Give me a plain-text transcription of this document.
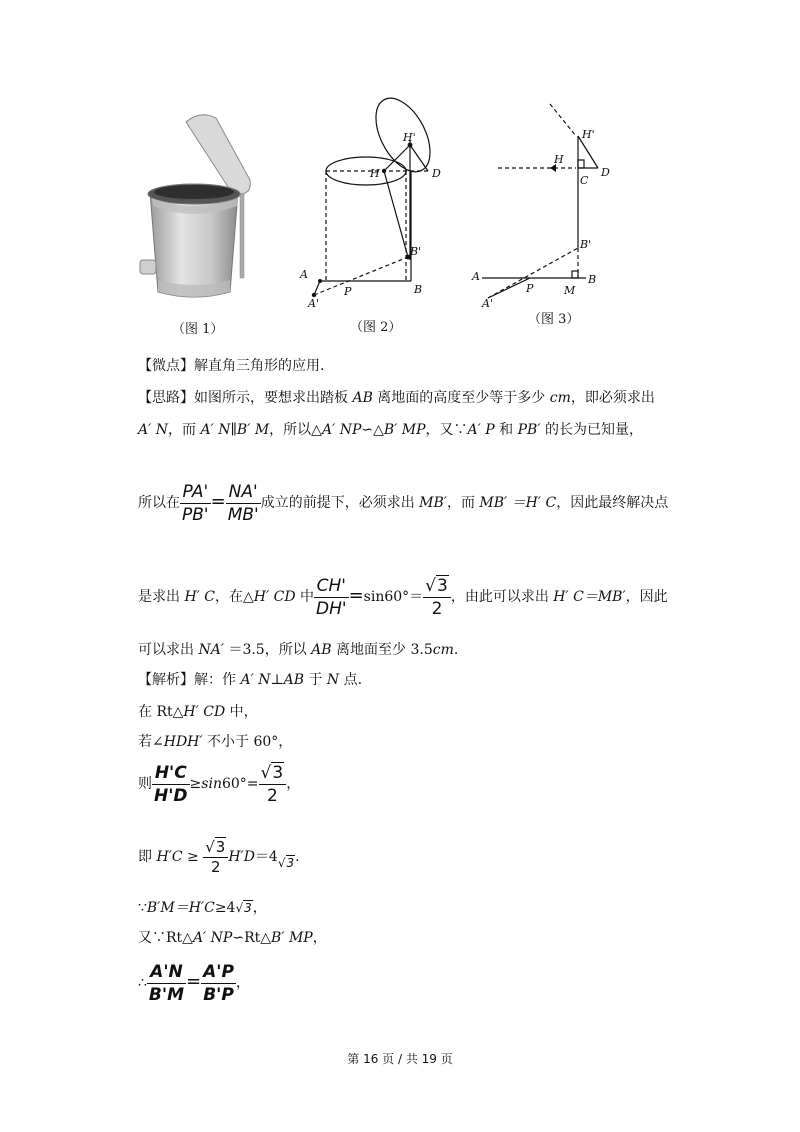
（图 1）
H'
H	D
B'
A
A'
P	B
（图 2）
H'
H
C
D
B'
A
P	M
B
A'
（图 3）
【微点】解直角三角形的应用.
【思路】如图所示，要想求出踏板 AB 离地面的高度至少等于多少 cm，即必须求出
A′ N，而 A′ N∥B′ M，所以△A′ NP∽△B′ MP，又∵A′ P 和 PB′ 的长为已知量，
所以在 $\frac{PA'}{PB'} = \frac{NA'}{MB'}$ 成立的前提下，必须求出 MB′，而 MB′ ＝H′ C，因此最终解决点
是求出 H′ C，在△H′ CD 中 $\frac{CH'}{DH'} =\sin 60^\circ= \frac{√3}{2}$ ，由此可以求出 H′ C＝MB′，因此
可以求出 NA′ ＝3.5，所以 AB 离地面至少 3.5cm.
【解析】解：作 A′ N⊥AB 于 N 点.
在 Rt△H′ CD 中，
若∠HDH′ 不小于 60°，
则 $\frac{H'C}{H'D} \ge\sin 60^\circ= \frac{√3}{2}$ ，
即 $H'C \ge \frac{√3}{2} H'D=4√3$.
∵B′M＝H′C≥4√3，
又∵Rt△A′ NP∽Rt△B′ MP，
∴ $\frac{A'N}{B'M} = \frac{A'P}{B'P}$ ，
第 16 页 / 共 19 页
